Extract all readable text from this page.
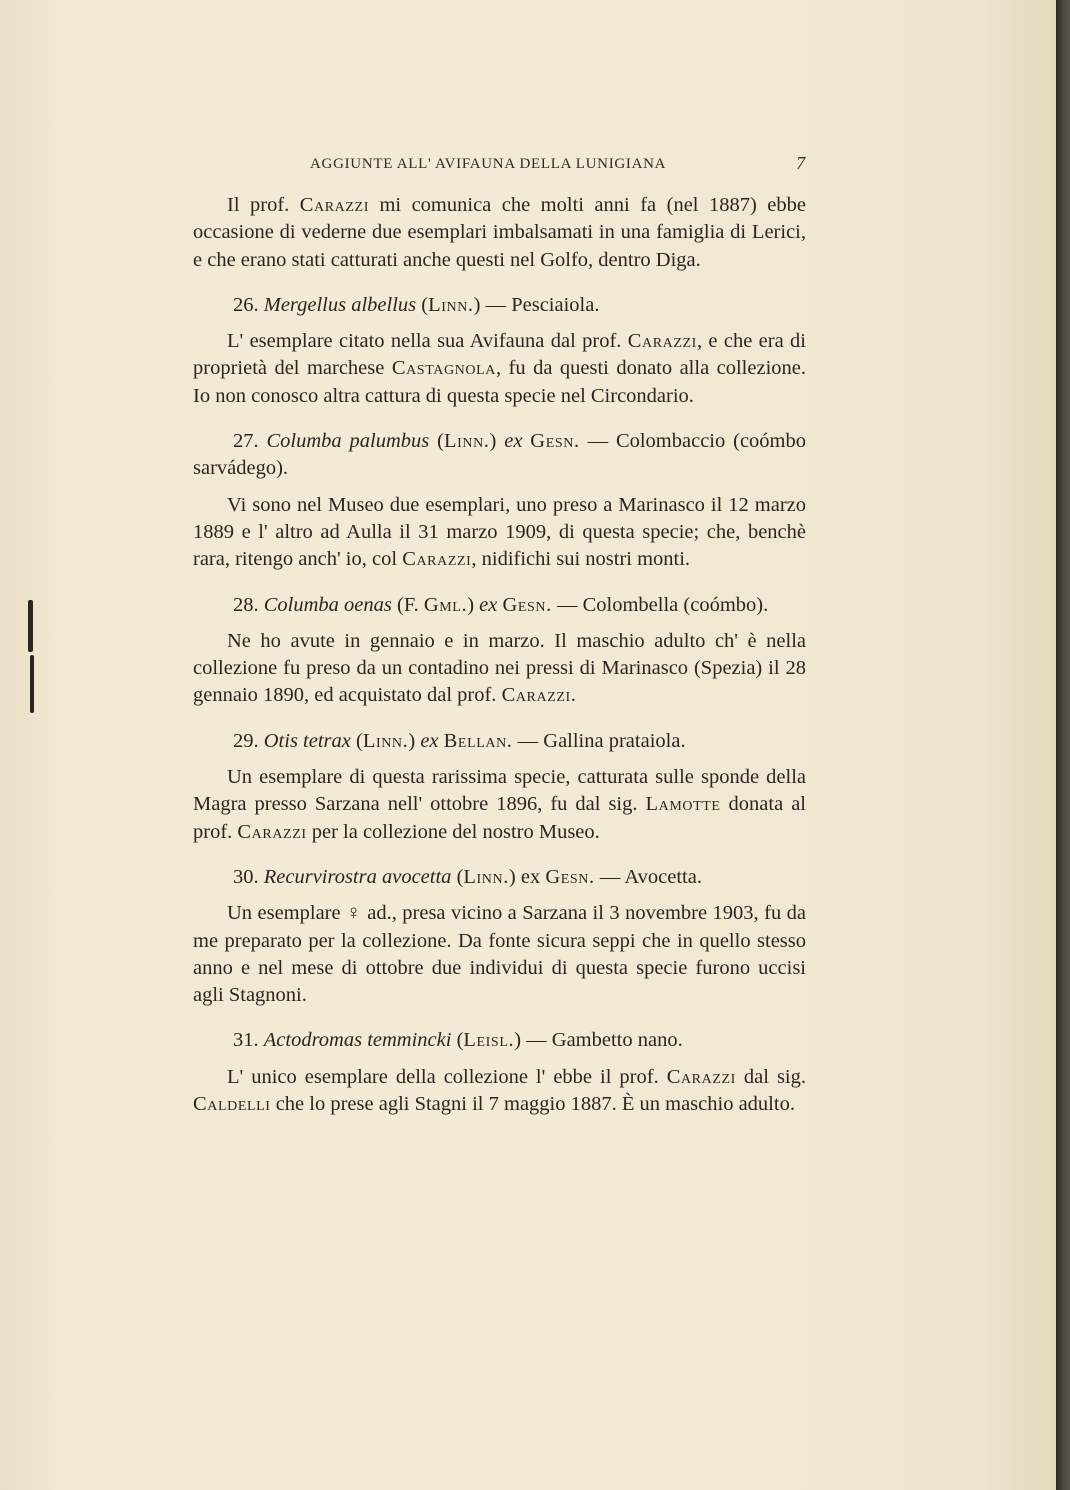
AGGIUNTE ALL' AVIFAUNA DELLA LUNIGIANA	7

Il prof. Carazzi mi comunica che molti anni fa (nel 1887) ebbe occasione di vederne due esemplari imbalsamati in una famiglia di Lerici, e che erano stati catturati anche questi nel Golfo, dentro Diga.

26. Mergellus albellus (Linn.) — Pesciaiola.

L' esemplare citato nella sua Avifauna dal prof. Carazzi, e che era di proprietà del marchese Castagnola, fu da questi donato alla collezione. Io non conosco altra cattura di questa specie nel Circondario.

27. Columba palumbus (Linn.) ex Gesn. — Colombaccio (coómbo sarvádego).

Vi sono nel Museo due esemplari, uno preso a Marinasco il 12 marzo 1889 e l' altro ad Aulla il 31 marzo 1909, di questa specie; che, benchè rara, ritengo anch' io, col Carazzi, nidifichi sui nostri monti.

28. Columba oenas (F. Gml.) ex Gesn. — Colombella (coómbo).

Ne ho avute in gennaio e in marzo. Il maschio adulto ch' è nella collezione fu preso da un contadino nei pressi di Marinasco (Spezia) il 28 gennaio 1890, ed acquistato dal prof. Carazzi.

29. Otis tetrax (Linn.) ex Bellan. — Gallina prataiola.

Un esemplare di questa rarissima specie, catturata sulle sponde della Magra presso Sarzana nell' ottobre 1896, fu dal sig. Lamotte donata al prof. Carazzi per la collezione del nostro Museo.

30. Recurvirostra avocetta (Linn.) ex Gesn. — Avocetta.

Un esemplare ♀ ad., presa vicino a Sarzana il 3 novembre 1903, fu da me preparato per la collezione. Da fonte sicura seppi che in quello stesso anno e nel mese di ottobre due individui di questa specie furono uccisi agli Stagnoni.

31. Actodromas temmincki (Leisl.) — Gambetto nano.

L' unico esemplare della collezione l' ebbe il prof. Carazzi dal sig. Caldelli che lo prese agli Stagni il 7 maggio 1887. È un maschio adulto.
